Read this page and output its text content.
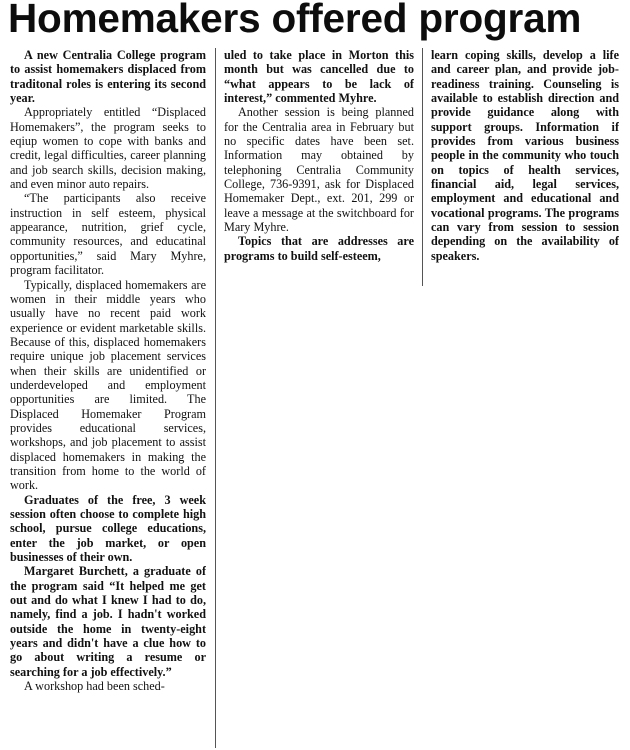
Homemakers offered program

A new Centralia College program to assist homemakers displaced from traditonal roles is entering its second year.

Appropriately entitled “Displaced Homemakers”, the program seeks to eqiup women to cope with banks and credit, legal difficulties, career planning and job search skills, decision making, and even minor auto repairs.

“The participants also receive instruction in self esteem, physical appearance, nutrition, grief cycle, community resources, and educatinal opportunities,” said Mary Myhre, program facilitator.

Typically, displaced homemakers are women in their middle years who usually have no recent paid work experience or evident marketable skills. Because of this, displaced homemakers require unique job placement services when their skills are unidentified or underdeveloped and employment opportunities are limited. The Displaced Homemaker Program provides educational services, workshops, and job placement to assist displaced homemakers in making the transition from home to the world of work.

Graduates of the free, 3 week session often choose to complete high school, pursue college educations, enter the job market, or open businesses of their own.

Margaret Burchett, a graduate of the program said “It helped me get out and do what I knew I had to do, namely, find a job. I hadn't worked outside the home in twenty-eight years and didn't have a clue how to go about writing a resume or searching for a job effectively.”

A workshop had been sched-

uled to take place in Morton this month but was cancelled due to “what appears to be lack of interest,” commented Myhre.

Another session is being planned for the Centralia area in February but no specific dates have been set. Information may obtained by telephoning Centralia Community College, 736-9391, ask for Displaced Homemaker Dept., ext. 201, 299 or leave a message at the switchboard for Mary Myhre.

Topics that are addresses are programs to build self-esteem,

learn coping skills, develop a life and career plan, and provide job-readiness training. Counseling is available to establish direction and provide guidance along with support groups. Information if provides from various business people in the community who touch on topics of health services, financial aid, legal services, employment and educational and vocational programs. The programs can vary from session to session depending on the availability of speakers.
